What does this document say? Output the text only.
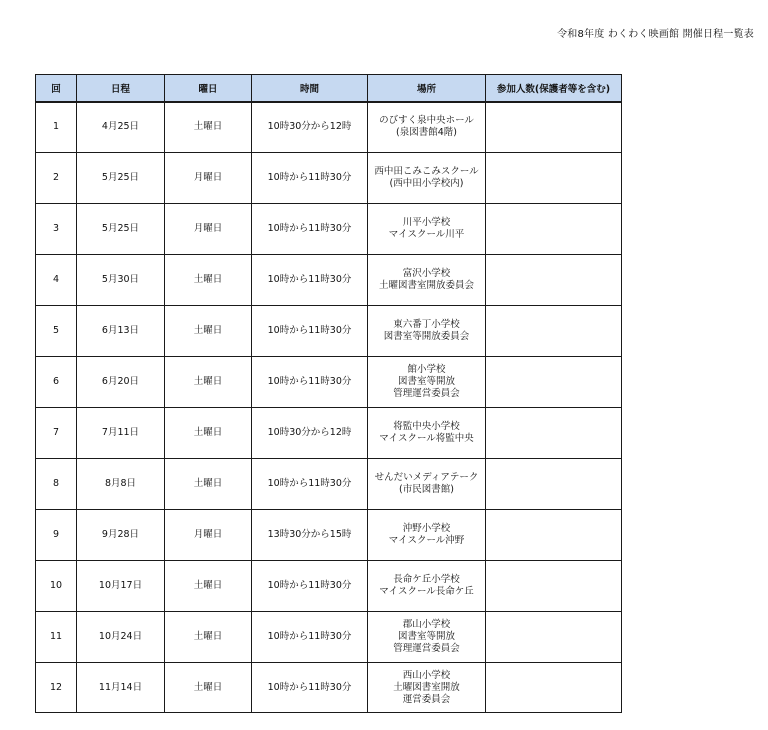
令和8年度 わくわく映画館 開催日程一覧表
回	日程	曜日	時間	場所	参加人数(保護者等を含む)
1	4月25日	土曜日	10時30分から12時	のびすく泉中央ホール
(泉図書館4階)	

2	5月25日	月曜日	10時から11時30分	西中田こみこみスクール
(西中田小学校内)	

3	5月25日	月曜日	10時から11時30分	川平小学校
マイスクール川平	

4	5月30日	土曜日	10時から11時30分	富沢小学校
土曜図書室開放委員会	

5	6月13日	土曜日	10時から11時30分	東六番丁小学校
図書室等開放委員会	

6	6月20日	土曜日	10時から11時30分	館小学校
図書室等開放
管理運営委員会	

7	7月11日	土曜日	10時30分から12時	将監中央小学校
マイスクール将監中央	

8	8月8日	土曜日	10時から11時30分	せんだいメディアテーク
(市民図書館)	

9	9月28日	月曜日	13時30分から15時	沖野小学校
マイスクール沖野	

10	10月17日	土曜日	10時から11時30分	長命ケ丘小学校
マイスクール長命ケ丘	

11	10月24日	土曜日	10時から11時30分	郡山小学校
図書室等開放
管理運営委員会	

12	11月14日	土曜日	10時から11時30分	西山小学校
土曜図書室開放
運営委員会	
